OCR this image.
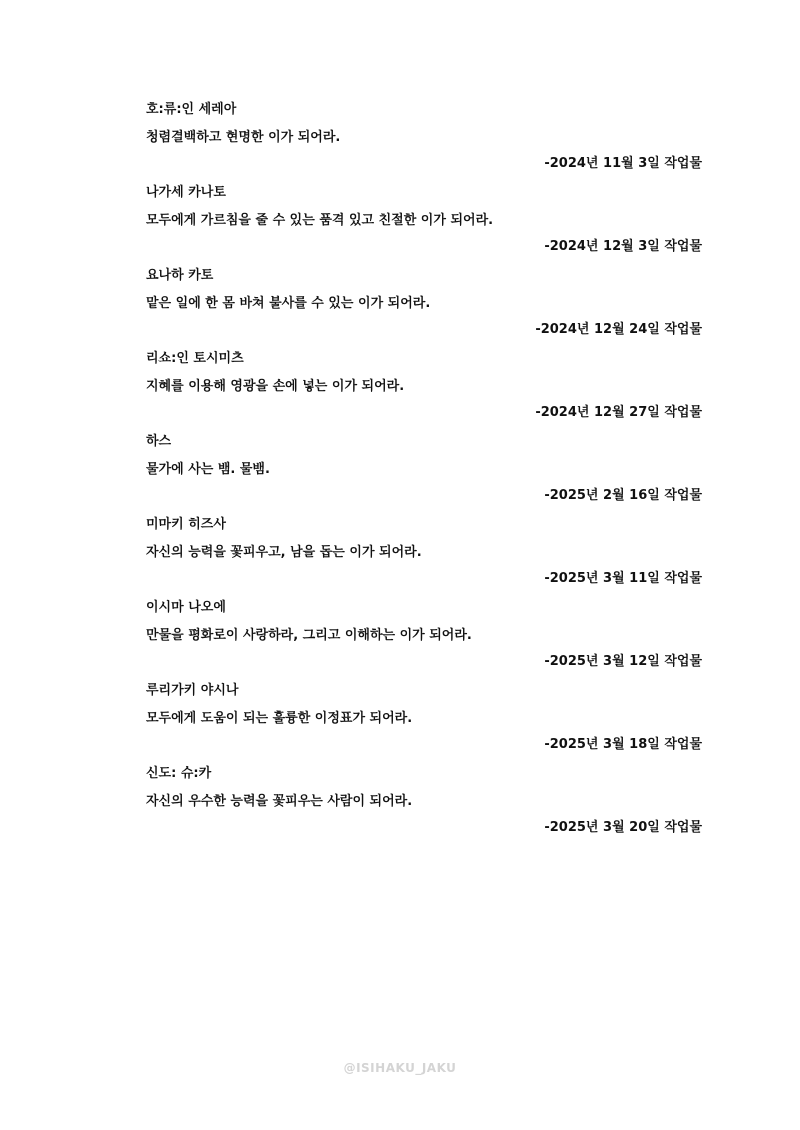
호:류:인 세레아
청렴결백하고 현명한 이가 되어라.
-2024년 11월 3일 작업물
나가세 카나토
모두에게 가르침을 줄 수 있는 품격 있고 친절한 이가 되어라.
-2024년 12월 3일 작업물
요나하 카토
맡은 일에 한 몸 바쳐 불사를 수 있는 이가 되어라.
-2024년 12월 24일 작업물
리쇼:인 토시미츠
지혜를 이용해 영광을 손에 넣는 이가 되어라.
-2024년 12월 27일 작업물
하스
물가에 사는 뱀. 물뱀.
-2025년 2월 16일 작업물
미마키 히즈사
자신의 능력을 꽃피우고, 남을 돕는 이가 되어라.
-2025년 3월 11일 작업물
이시마 나오에
만물을 평화로이 사랑하라, 그리고 이해하는 이가 되어라.
-2025년 3월 12일 작업물
루리가키 야시나
모두에게 도움이 되는 훌륭한 이정표가 되어라.
-2025년 3월 18일 작업물
신도: 슈:카
자신의 우수한 능력을 꽃피우는 사람이 되어라.
-2025년 3월 20일 작업물
@ISIHAKU_JAKU
